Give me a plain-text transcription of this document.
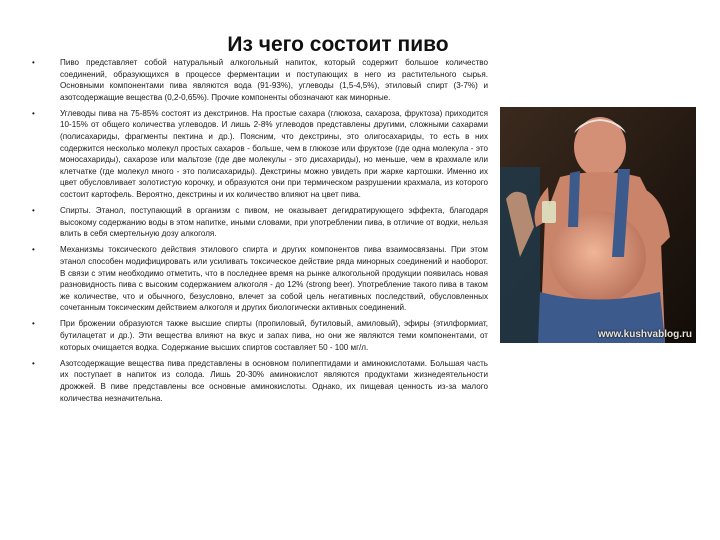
Из чего состоит пиво
•	Пиво представляет собой натуральный алкогольный напиток, который содержит большое количество соединений, образующихся в процессе ферментации и поступающих в него из растительного сырья. Основными компонентами пива являются вода (91-93%), углеводы (1,5-4,5%), этиловый спирт (3-7%) и азотсодержащие вещества (0,2-0,65%). Прочие компоненты обозначают как минорные.
•	Углеводы пива на 75-85% состоят из декстринов. На простые сахара (глюкоза, сахароза, фруктоза) приходится 10-15% от общего количества углеводов. И лишь 2-8% углеводов представлены другими, сложными сахарами (полисахариды, фрагменты пектина и др.). Поясним, что декстрины, это олигосахариды, то есть в них содержится несколько молекул простых сахаров - больше, чем в глюкозе или фруктозе (где одна молекула - это моносахариды), сахарозе или мальтозе (где две молекулы - это дисахариды), но меньше, чем в крахмале или клетчатке (где молекул много - это полисахариды). Декстрины можно увидеть при жарке картошки. Именно их цвет обусловливает золотистую корочку, и образуются они при термическом разрушении крахмала, из которого состоит картофель. Вероятно, декстрины и их количество влияют на цвет пива.
•	Спирты. Этанол, поступающий в организм с пивом, не оказывает дегидратирующего эффекта, благодаря высокому содержанию воды в этом напитке, иными словами, при употреблении пива, в отличие от водки, нельзя влить в себя смертельную дозу алкоголя.
•	Механизмы токсического действия этилового спирта и других компонентов пива взаимосвязаны. При этом этанол способен модифицировать или усиливать токсическое действие ряда минорных соединений и наоборот. В связи с этим необходимо отметить, что в последнее время на рынке алкогольной продукции появилась новая разновидность пива с высоким содержанием алкоголя - до 12% (strong beer). Употребление такого пива в таком же количестве, что и обычного, безусловно, влечет за собой цель негативных последствий, обусловленных сочетанным токсическим действием алкоголя и других биологически активных соединений.
•	При брожении образуются также высшие спирты (пропиловый, бутиловый, амиловый), эфиры (этилформиат, бутилацетат и др.). Эти вещества влияют на вкус и запах пива, но они же являются теми компонентами, от которых очищается водка. Содержание высших спиртов составляет 50 - 100 мг/л.
•	Азотсодержащие вещества пива представлены в основном полипептидами и аминокислотами. Большая часть их поступает в напиток из солода. Лишь 20-30% аминокислот являются продуктами жизнедеятельности дрожжей. В пиве представлены все основные аминокислоты. Однако, их пищевая ценность из-за малого количества незначительна.
www.kushvablog.ru
